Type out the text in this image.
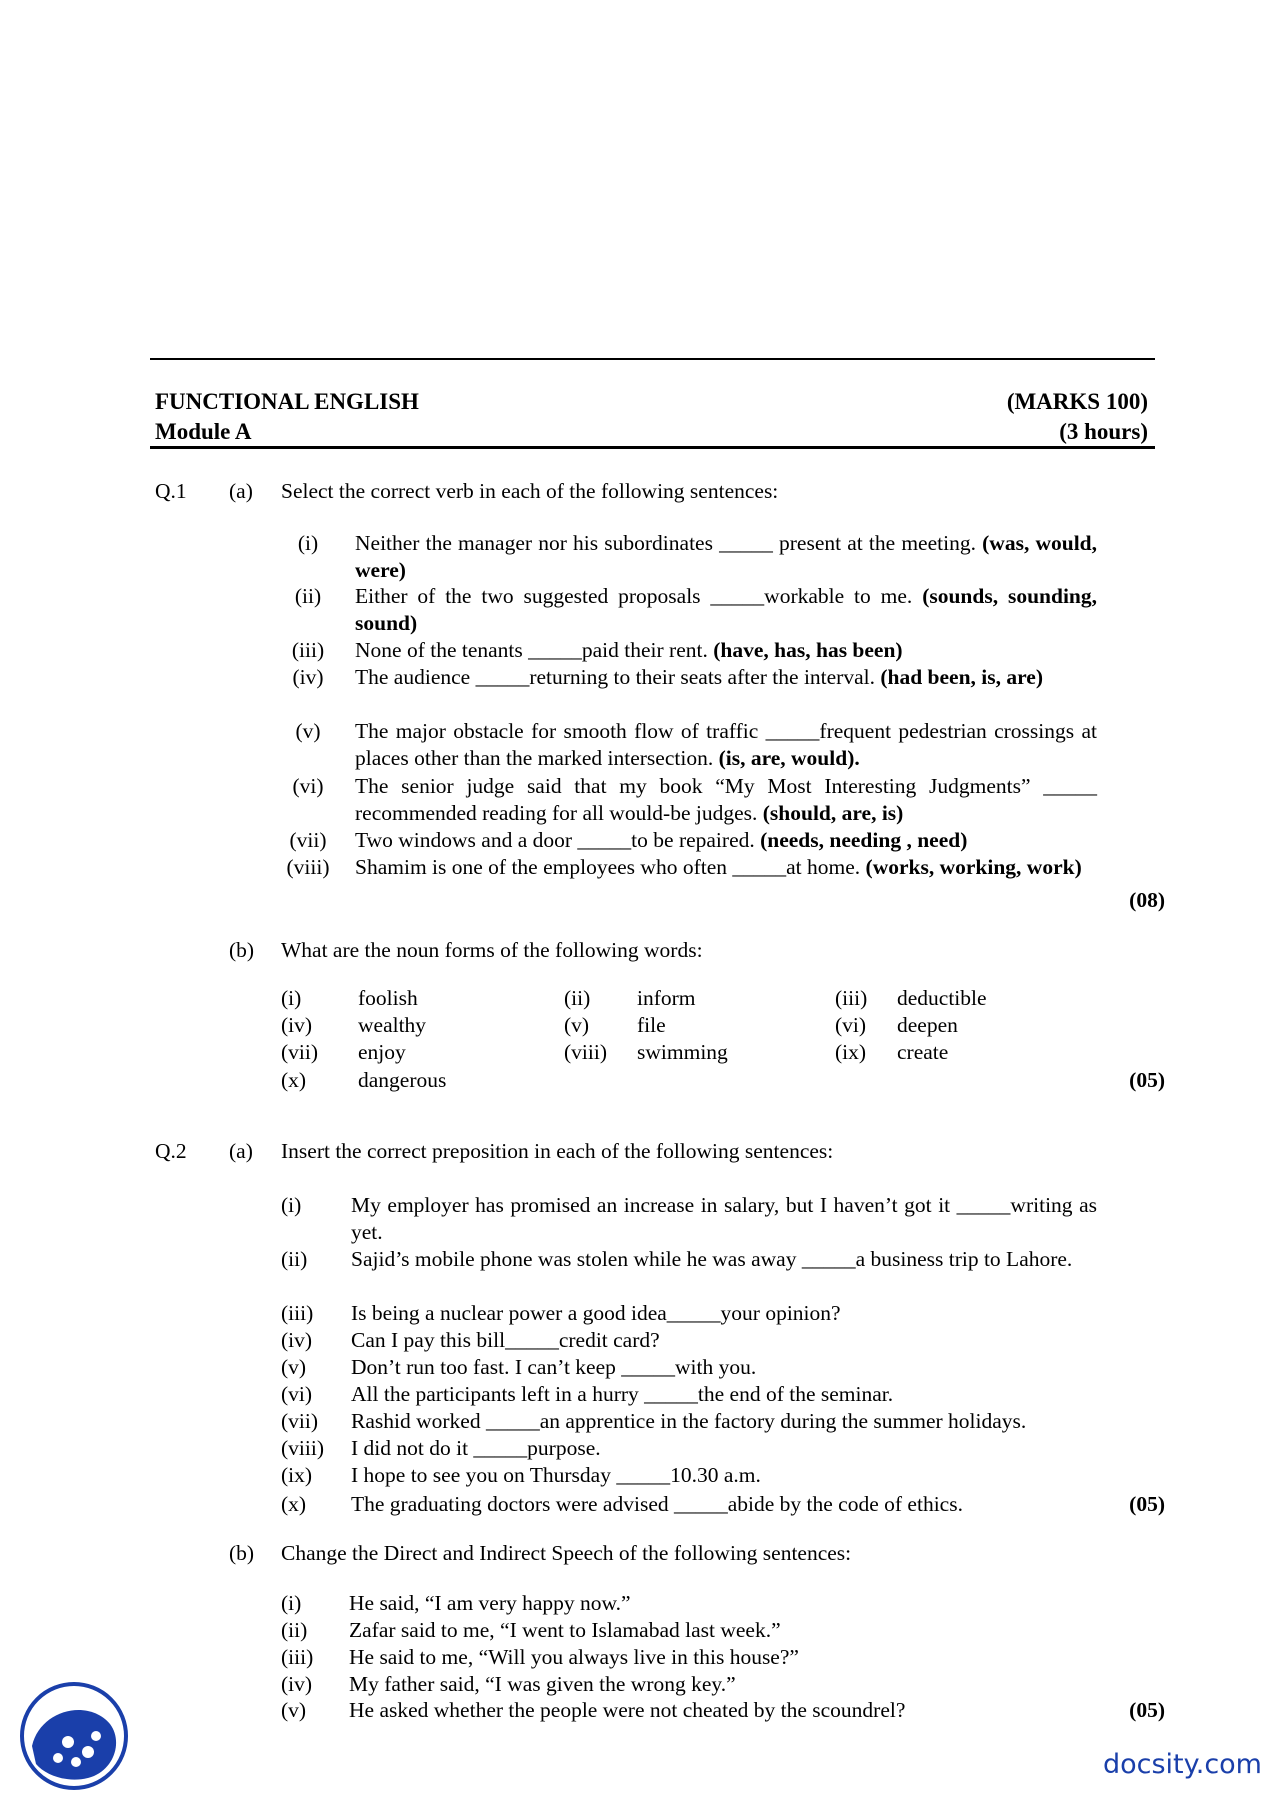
FUNCTIONAL ENGLISH
Module A
(MARKS 100)
(3 hours)
Q.1 (a) Select the correct verb in each of the following sentences:
(i)	Neither the manager nor his subordinates _____ present at the meeting. (was, would, were)
(ii)	Either of the two suggested proposals _____workable to me. (sounds, sounding, sound)
(iii)	None of the tenants _____paid their rent. (have, has, has been)
(iv)	The audience _____returning to their seats after the interval. (had been, is, are)
(v)	The major obstacle for smooth flow of traffic _____frequent pedestrian crossings at places other than the marked intersection. (is, are, would).
(vi)	The senior judge said that my book “My Most Interesting Judgments” _____ recommended reading for all would-be judges. (should, are, is)
(vii)	Two windows and a door _____to be repaired. (needs, needing , need)
(viii)	Shamim is one of the employees who often _____at home. (works, working, work)
(08)
(b) What are the noun forms of the following words:
(i)	foolish	(ii) inform	(iii) deductible
(iv) wealthy	(v) file	(vi) deepen
(vii) enjoy	(viii) swimming	(ix) create
(x) dangerous	(05)
Q.2 (a) Insert the correct preposition in each of the following sentences:
(i) My employer has promised an increase in salary, but I haven’t got it _____writing as yet.
(ii) Sajid’s mobile phone was stolen while he was away _____a business trip to Lahore.
(iii) Is being a nuclear power a good idea_____your opinion?
(iv) Can I pay this bill_____credit card?
(v) Don’t run too fast. I can’t keep _____with you.
(vi) All the participants left in a hurry _____the end of the seminar.
(vii) Rashid worked _____an apprentice in the factory during the summer holidays.
(viii) I did not do it _____purpose.
(ix) I hope to see you on Thursday _____10.30 a.m.
(x) The graduating doctors were advised _____abide by the code of ethics.	(05)
(b) Change the Direct and Indirect Speech of the following sentences:
(i) He said, “I am very happy now.”
(ii) Zafar said to me, “I went to Islamabad last week.”
(iii) He said to me, “Will you always live in this house?”
(iv) My father said, “I was given the wrong key.”
(v) He asked whether the people were not cheated by the scoundrel?	(05)
docsity.com
